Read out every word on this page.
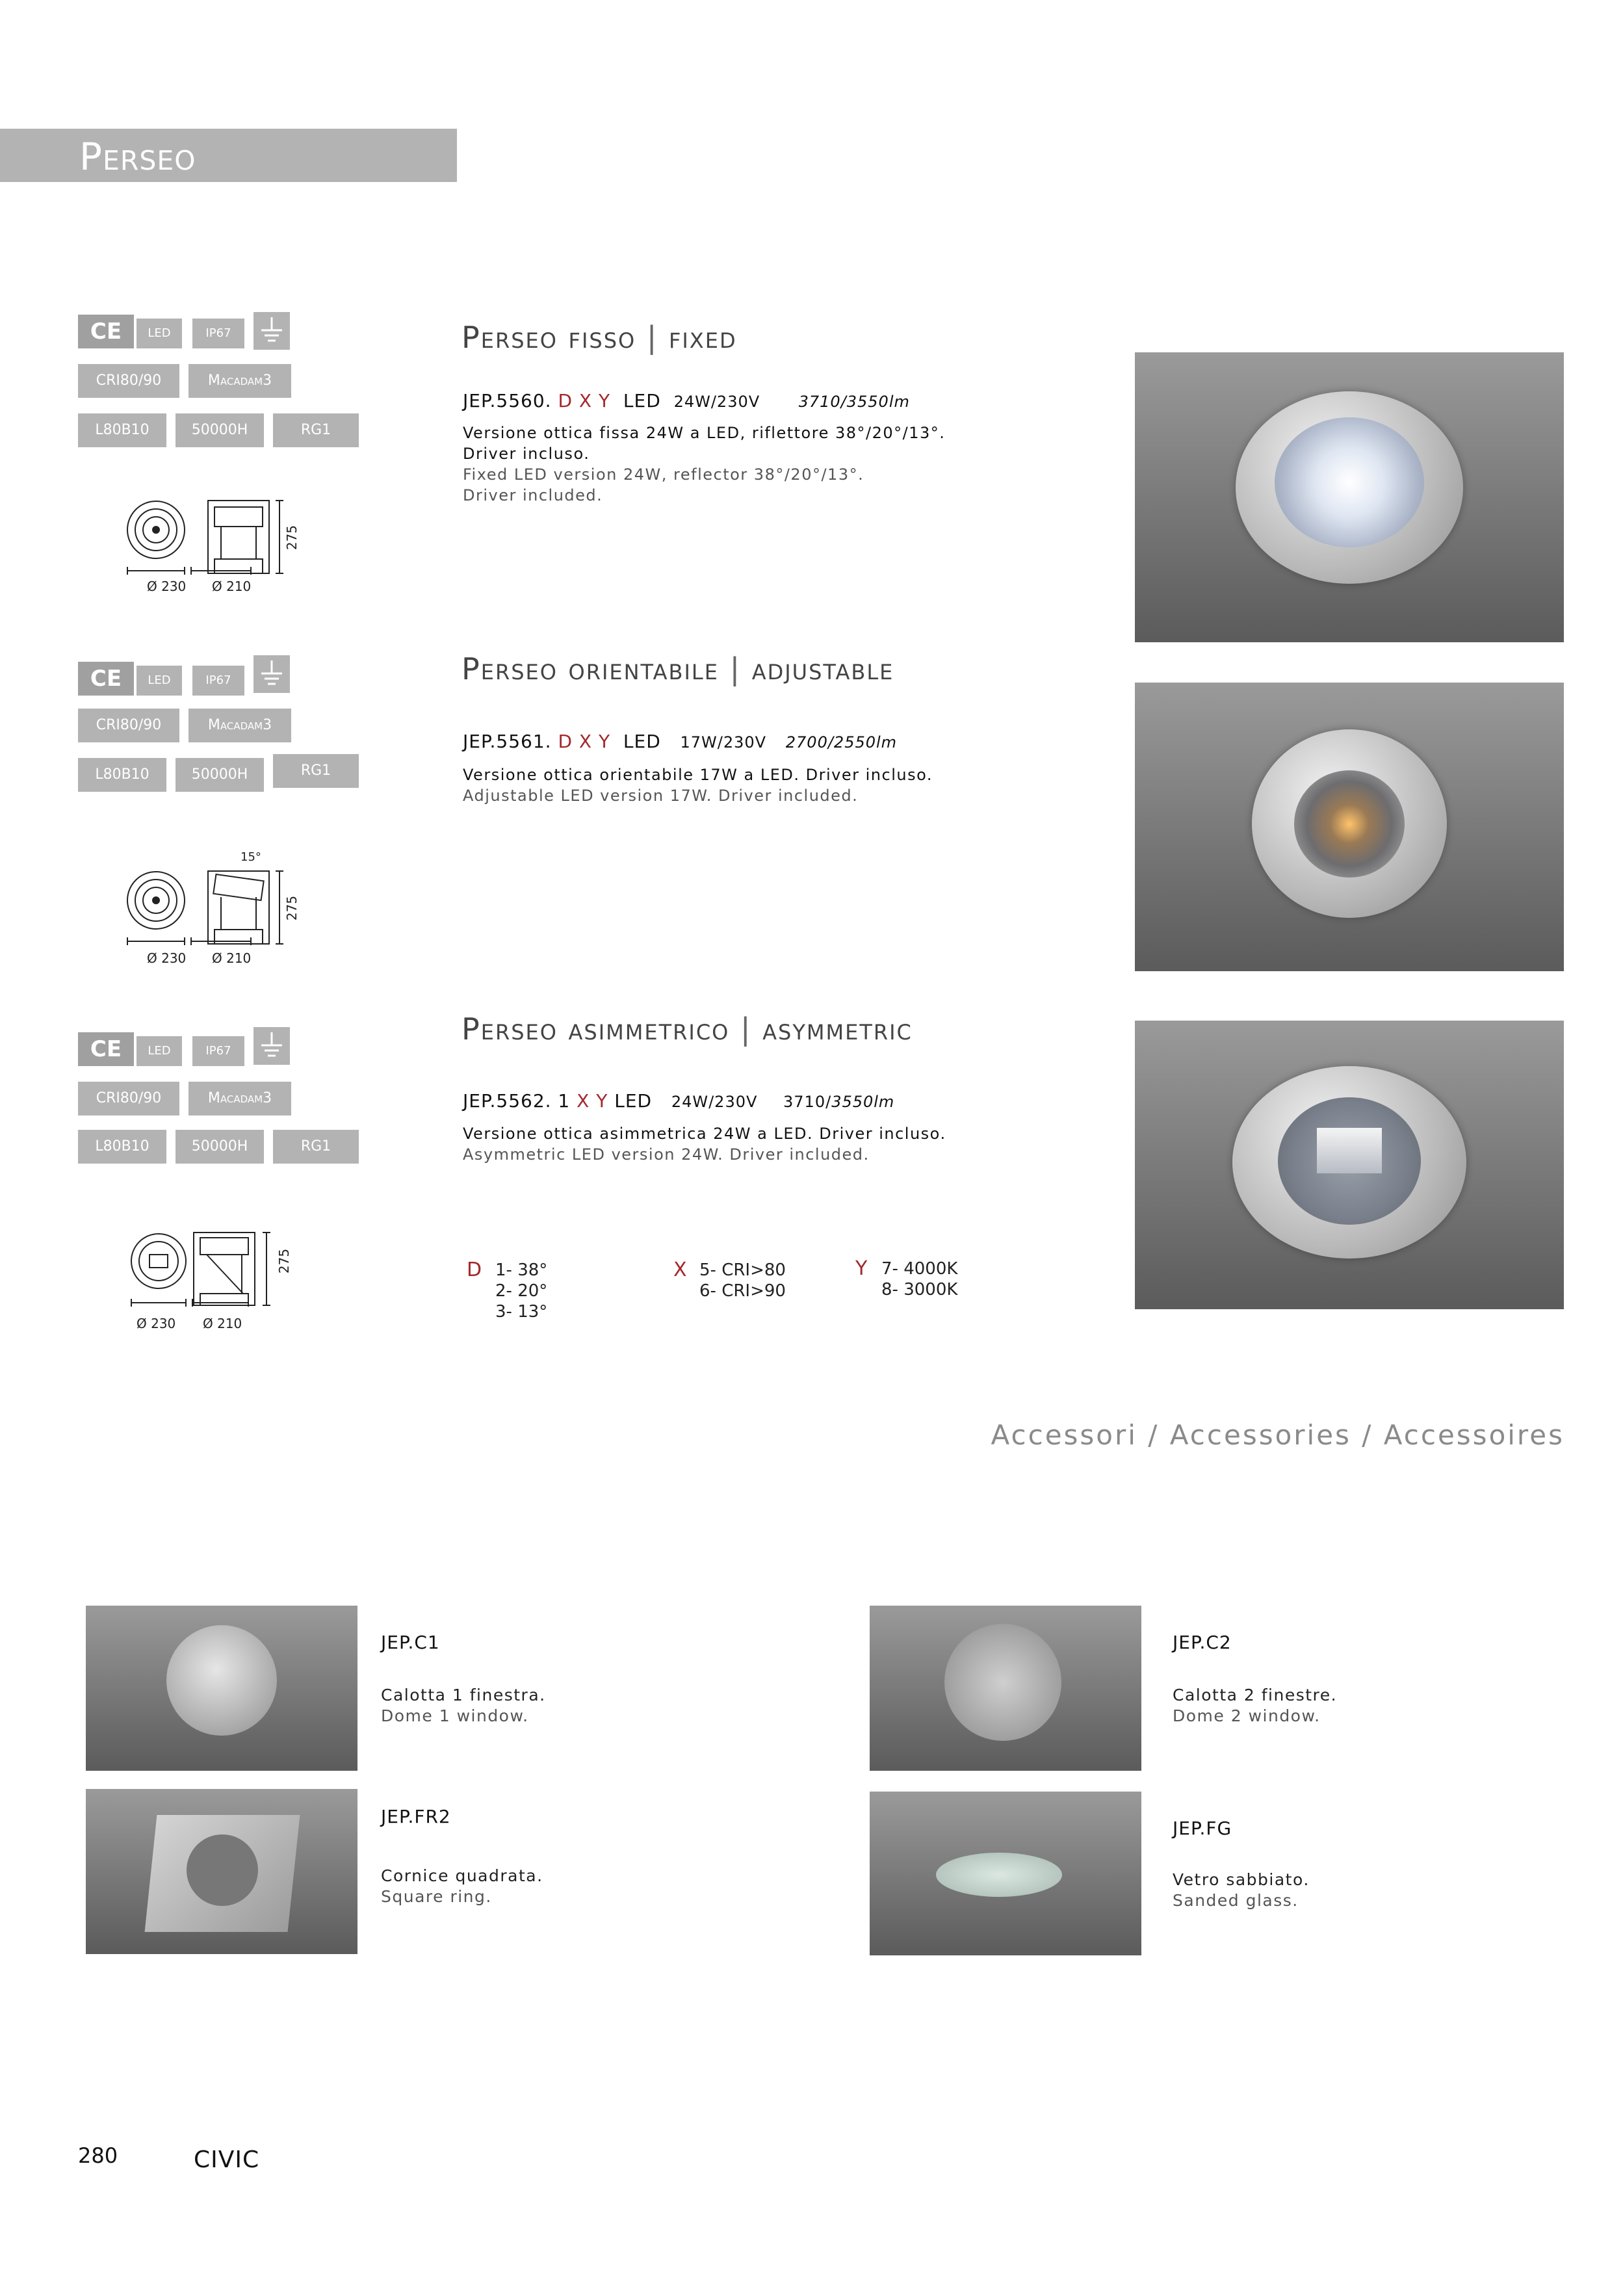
Perseo
CE	LED	IP67
CRI80/90	Macadam3
L80B10	50000H	RG1
Ø 230 Ø 210
275
Perseo fisso | fixed
JEP.5560. D X Y LED 24W/230V 3710/3550lm
Versione ottica fissa 24W a LED, riflettore 38°/20°/13°.
Driver incluso.
Fixed LED version 24W, reflector 38°/20°/13°.
Driver included.
CE	LED	IP67
CRI80/90	Macadam3
L80B10	50000H	RG1
15°
Ø 230 Ø 210
275
Perseo orientabile | adjustable
JEP.5561. D X Y LED 17W/230V 2700/2550lm
Versione ottica orientabile 17W a LED. Driver incluso.
Adjustable LED version 17W. Driver included.
CE	LED	IP67
CRI80/90	Macadam3
L80B10	50000H	RG1
Ø 230 Ø 210
275
Perseo asimmetrico | asymmetric
JEP.5562. 1 X Y LED 24W/230V 3710/3550lm
Versione ottica asimmetrica 24W a LED. Driver incluso.
Asymmetric LED version 24W. Driver included.
D 1- 38°
2- 20°
3- 13°
X 5- CRI>80
6- CRI>90
Y 7- 4000K
8- 3000K
Accessori / Accessories / Accessoires
JEP.C1
Calotta 1 finestra.
Dome 1 window.
JEP.C2
Calotta 2 finestre.
Dome 2 window.
JEP.FR2
Cornice quadrata.
Square ring.
JEP.FG
Vetro sabbiato.
Sanded glass.
280	CIVIC
